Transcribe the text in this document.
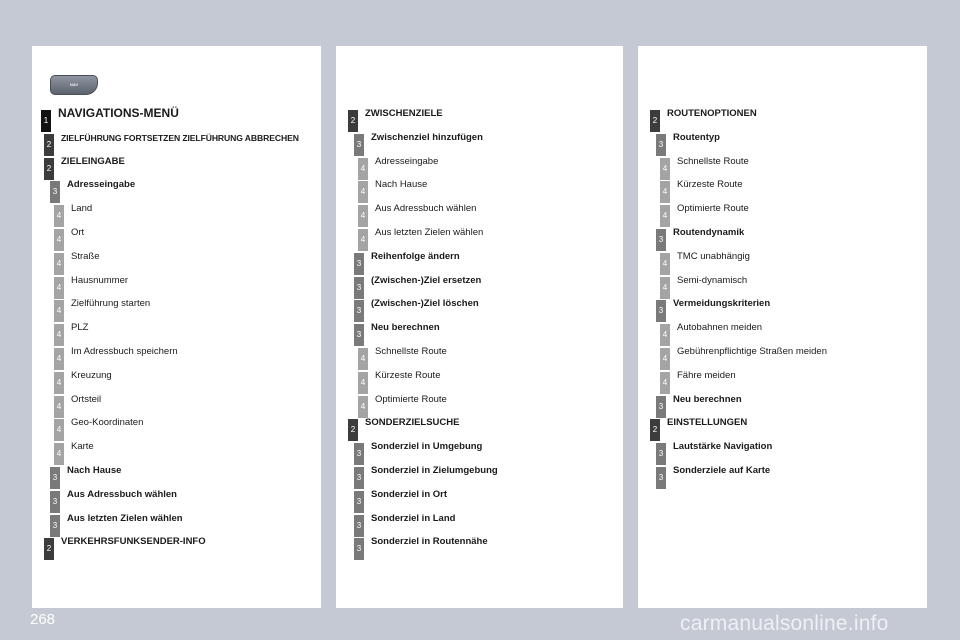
NAV
1
NAVIGATIONS-MENÜ
2
ZIELFÜHRUNG FORTSETZEN ZIELFÜHRUNG ABBRECHEN
2
ZIELEINGABE
3
Adresseingabe
4
Land
4
Ort
4
Straße
4
Hausnummer
4
Zielführung starten
4
PLZ
4
Im Adressbuch speichern
4
Kreuzung
4
Ortsteil
4
Geo-Koordinaten
4
Karte
3
Nach Hause
3
Aus Adressbuch wählen
3
Aus letzten Zielen wählen
2
VERKEHRSFUNKSENDER-INFO
2
ZWISCHENZIELE
3
Zwischenziel hinzufügen
4
Adresseingabe
4
Nach Hause
4
Aus Adressbuch wählen
4
Aus letzten Zielen wählen
3
Reihenfolge ändern
3
(Zwischen-)Ziel ersetzen
3
(Zwischen-)Ziel löschen
3
Neu berechnen
4
Schnellste Route
4
Kürzeste Route
4
Optimierte Route
2
SONDERZIELSUCHE
3
Sonderziel in Umgebung
3
Sonderziel in Zielumgebung
3
Sonderziel in Ort
3
Sonderziel in Land
3
Sonderziel in Routennähe
2
ROUTENOPTIONEN
3
Routentyp
4
Schnellste Route
4
Kürzeste Route
4
Optimierte Route
3
Routendynamik
4
TMC unabhängig
4
Semi-dynamisch
3
Vermeidungskriterien
4
Autobahnen meiden
4
Gebührenpflichtige Straßen meiden
4
Fähre meiden
3
Neu berechnen
2
EINSTELLUNGEN
3
Lautstärke Navigation
3
Sonderziele auf Karte
268	carmanualsonline.info
